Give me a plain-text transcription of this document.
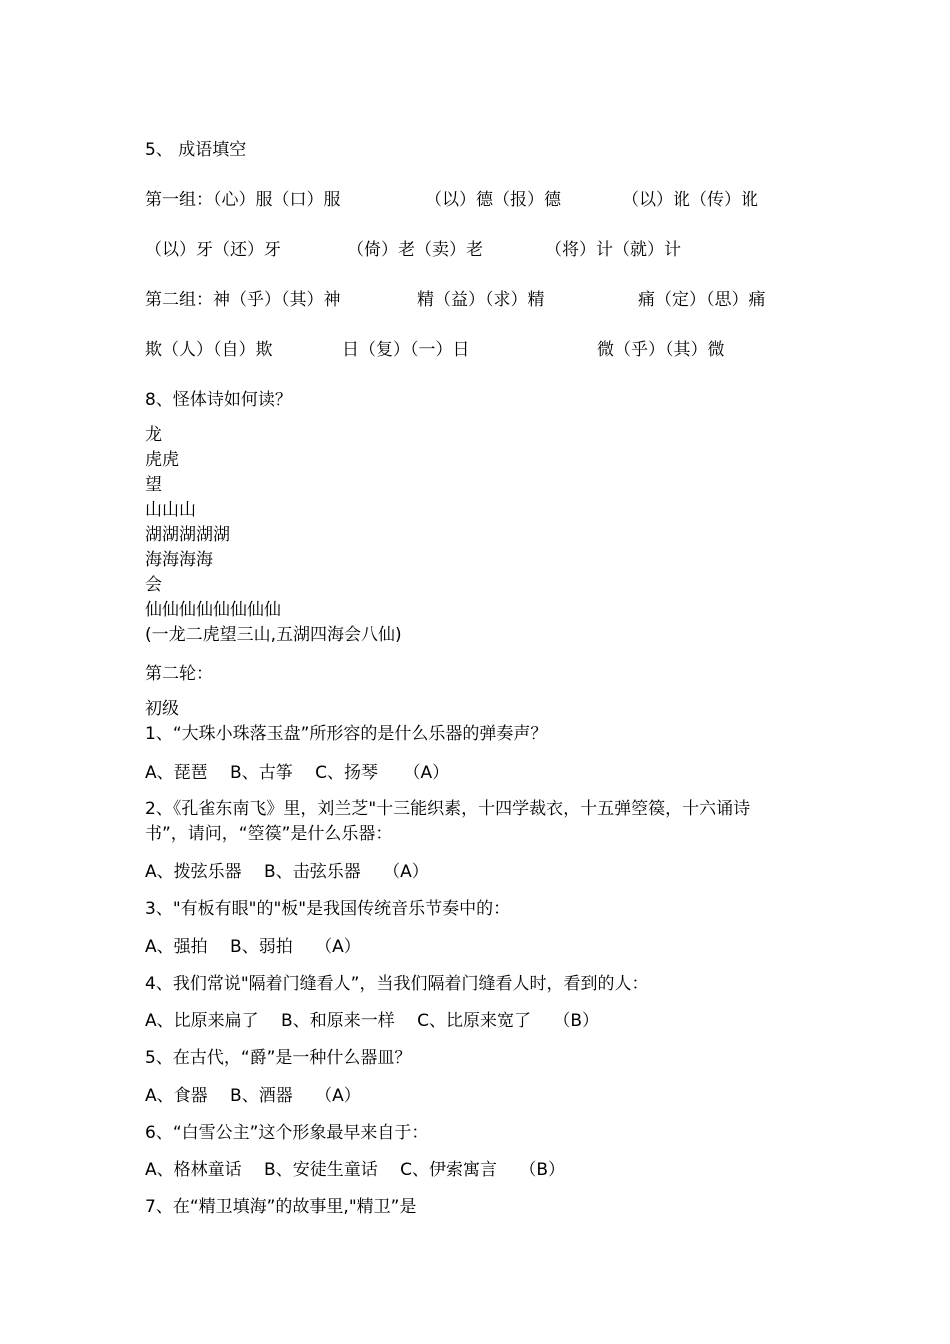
5、 成语填空
第一组：（心）服（口）服	（以）德（报）德	（以）讹（传）讹
（以）牙（还）牙	（倚）老（卖）老	（将）计（就）计
第二组：神（乎）（其）神	精（益）（求）精	痛（定）（思）痛
欺（人）（自）欺	日（复）（一）日	微（乎）（其）微
8、怪体诗如何读？
龙
虎虎
望
山山山
湖湖湖湖湖
海海海海
会
仙仙仙仙仙仙仙仙
(一龙二虎望三山,五湖四海会八仙)
第二轮：
初级
1、“大珠小珠落玉盘”所形容的是什么乐器的弹奏声？
A、琵琶　 B、古筝　 C、扬琴　　（A）
2、《孔雀东南飞》里，刘兰芝"十三能织素，十四学裁衣，十五弹箜篌，十六诵诗
书”，请问，“箜篌”是什么乐器：
A、拨弦乐器　 B、击弦乐器　 （A）
3、"有板有眼"的"板"是我国传统音乐节奏中的：
A、强拍　 B、弱拍　 （A）
4、我们常说"隔着门缝看人”，当我们隔着门缝看人时，看到的人：
A、比原来扁了　 B、和原来一样　 C、比原来宽了　 （B）
5、在古代，“爵”是一种什么器皿？
A、食器　 B、酒器　 （A）
6、“白雪公主”这个形象最早来自于：
A、格林童话　 B、安徒生童话　 C、伊索寓言　 （B）
7、在“精卫填海”的故事里,"精卫”是
